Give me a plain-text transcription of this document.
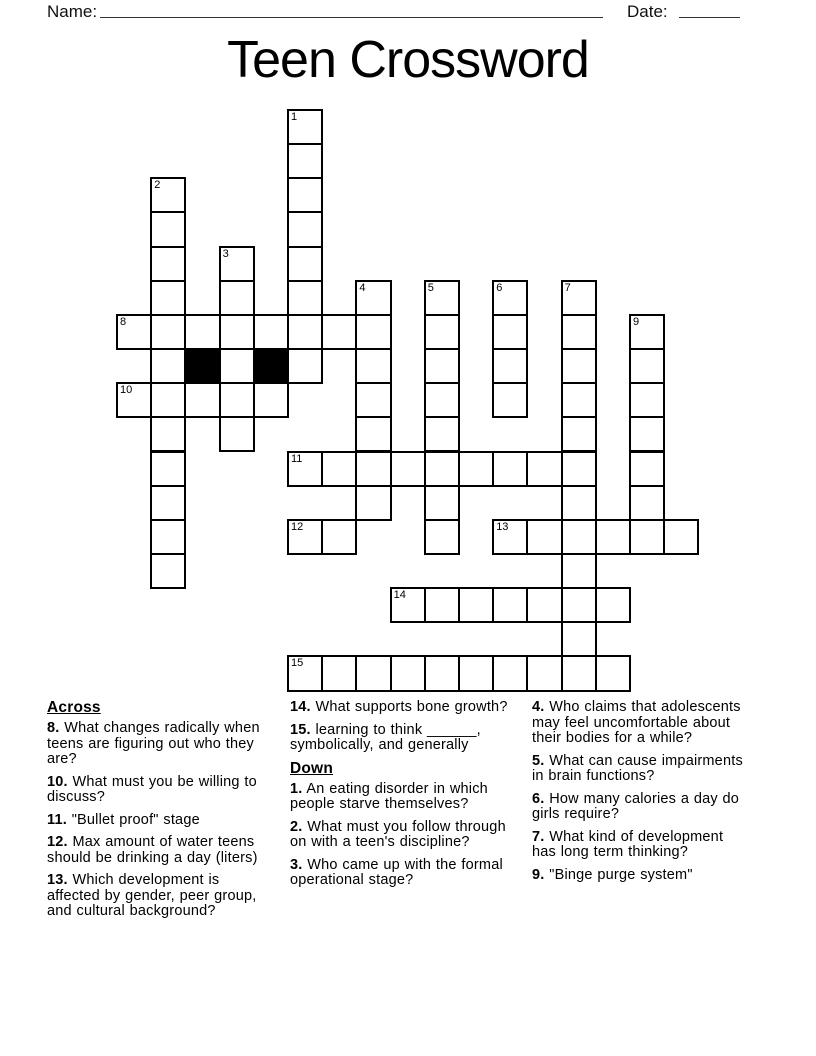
Name:	Date:
Teen Crossword
1
2
3
4	5	6	7
8	9
10
11
12	13
14
15
Across

8. What changes radically when teens are figuring out who they are?

10. What must you be willing to discuss?

11. "Bullet proof" stage

12. Max amount of water teens should be drinking a day (liters)

13. Which development is affected by gender, peer group, and cultural background?

14. What supports bone growth?

15. learning to think ______, symbolically, and generally

Down

1. An eating disorder in which people starve themselves?

2. What must you follow through on with a teen's discipline?

3. Who came up with the formal operational stage?

4. Who claims that adolescents may feel uncomfortable about their bodies for a while?

5. What can cause impairments in brain functions?

6. How many calories a day do girls require?

7. What kind of development has long term thinking?

9. "Binge purge system"
